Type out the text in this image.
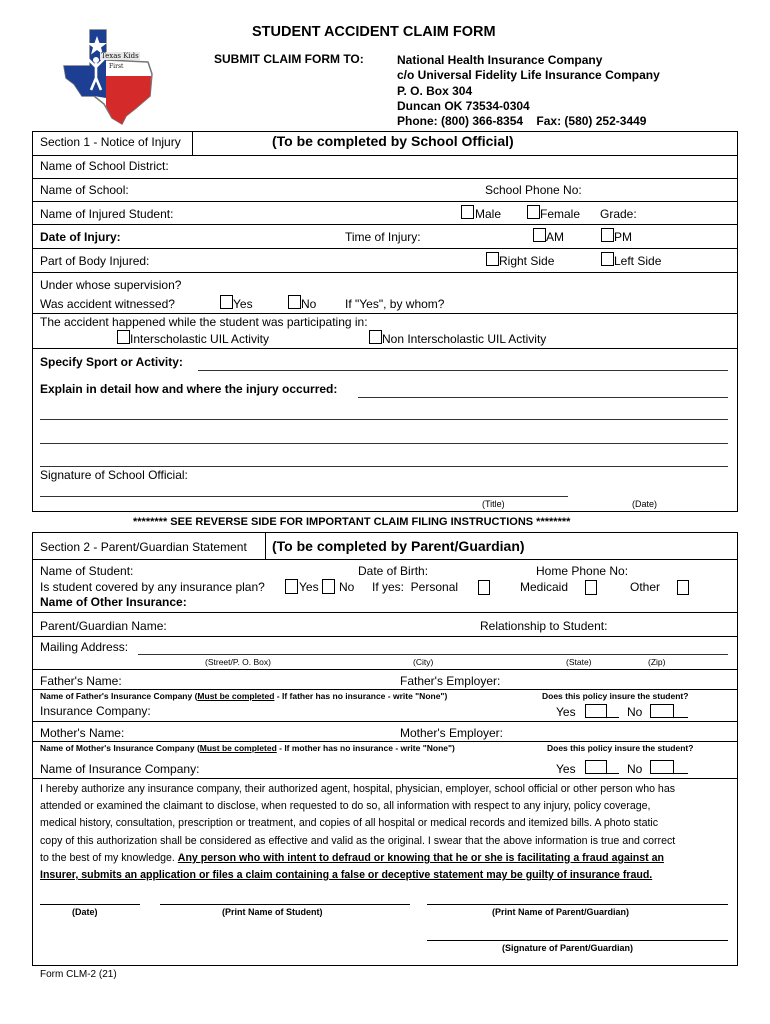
Texas Kids
First
STUDENT ACCIDENT CLAIM FORM
SUBMIT CLAIM FORM TO:	National Health Insurance Company
c/o Universal Fidelity Life Insurance Company
P. O. Box 304
Duncan OK 73534-0304
Phone: (800) 366-8354    Fax: (580) 252-3449
Section 1 - Notice of Injury	(To be completed by School Official)
Name of School District:
Name of School:	School Phone No:
Name of Injured Student:	Male	Female Grade:
Date of Injury:	Time of Injury:	AM	PM
Part of Body Injured:	Right Side	Left Side
Under whose supervision?
Was accident witnessed?	Yes	No If "Yes", by whom?
The accident happened while the student was participating in:
Interscholastic UIL Activity	Non Interscholastic UIL Activity
Specify Sport or Activity:
Explain in detail how and where the injury occurred:
Signature of School Official:
(Title)	(Date)
******** SEE REVERSE SIDE FOR IMPORTANT CLAIM FILING INSTRUCTIONS ********
Section 2 - Parent/Guardian Statement (To be completed by Parent/Guardian)
Name of Student:	Date of Birth:	Home Phone No:
Is student covered by any insurance plan?	Yes No If yes:  Personal	Medicaid	Other
Name of Other Insurance:
Parent/Guardian Name:	Relationship to Student:
Mailing Address:
(Street/P. O. Box)	(City)	(State)	(Zip)
Father's Name:	Father's Employer:
Name of Father's Insurance Company (Must be completed - If father has no insurance - write "None")	Does this policy insure the student?
Insurance Company:	Yes	No
Mother's Name:	Mother's Employer:
Name of Mother's Insurance Company (Must be completed - If mother has no insurance - write "None")	Does this policy insure the student?
Name of Insurance Company:	Yes	No
I hereby authorize any insurance company, their authorized agent, hospital, physician, employer, school official or other person who has
attended or examined the claimant to disclose, when requested to do so, all information with respect to any injury, policy coverage,
medical history, consultation, prescription or treatment, and copies of all hospital or medical records and itemized bills. A photo static
copy of this authorization shall be considered as effective and valid as the original. I swear that the above information is true and correct
to the best of my knowledge. Any person who with intent to defraud or knowing that he or she is facilitating a fraud against an
Insurer, submits an application or files a claim containing a false or deceptive statement may be guilty of insurance fraud.
(Date)	(Print Name of Student)	(Print Name of Parent/Guardian)
(Signature of Parent/Guardian)
Form CLM-2 (21)
